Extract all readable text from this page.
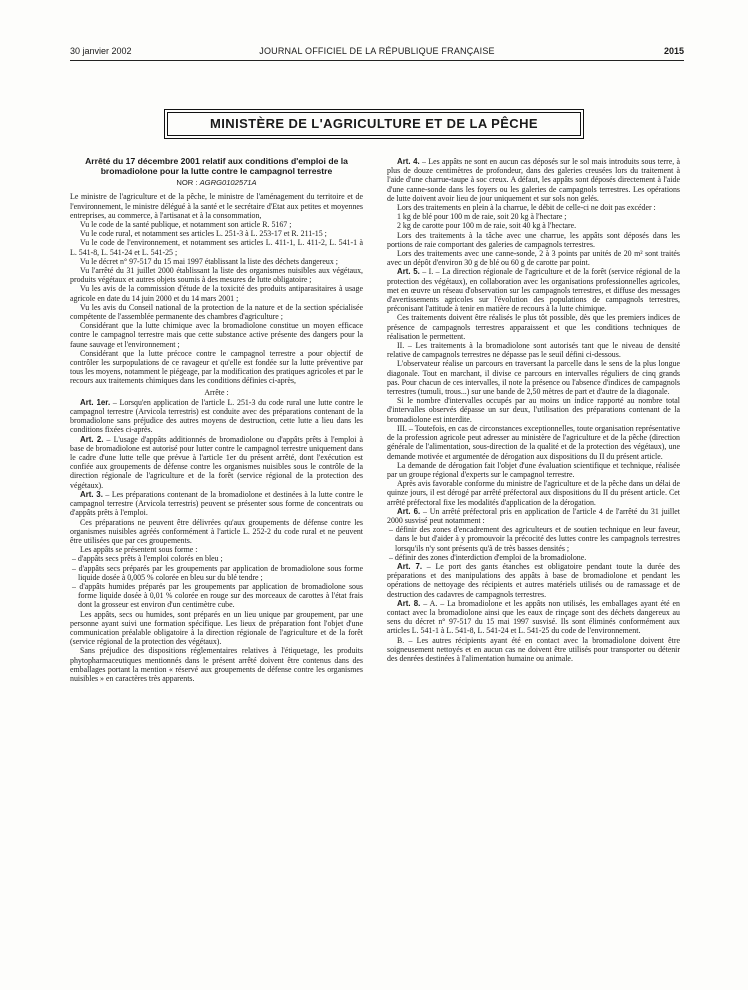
30 janvier 2002	JOURNAL OFFICIEL DE LA RÉPUBLIQUE FRANÇAISE	2015
MINISTÈRE DE L'AGRICULTURE ET DE LA PÊCHE
Arrêté du 17 décembre 2001 relatif aux conditions d'emploi de la bromadiolone pour la lutte contre le campagnol terrestre
NOR : AGRG0102571A

Le ministre de l'agriculture et de la pêche, le ministre de l'aménagement du territoire et de l'environnement, le ministre délégué à la santé et le secrétaire d'Etat aux petites et moyennes entreprises, au commerce, à l'artisanat et à la consommation,

Vu le code de la santé publique, et notamment son article R. 5167 ;

Vu le code rural, et notamment ses articles L. 251-3 à L. 253-17 et R. 211-15 ;

Vu le code de l'environnement, et notamment ses articles L. 411-1, L. 411-2, L. 541-1 à L. 541-8, L. 541-24 et L. 541-25 ;

Vu le décret n° 97-517 du 15 mai 1997 établissant la liste des déchets dangereux ;

Vu l'arrêté du 31 juillet 2000 établissant la liste des organismes nuisibles aux végétaux, produits végétaux et autres objets soumis à des mesures de lutte obligatoire ;

Vu les avis de la commission d'étude de la toxicité des produits antiparasitaires à usage agricole en date du 14 juin 2000 et du 14 mars 2001 ;

Vu les avis du Conseil national de la protection de la nature et de la section spécialisée compétente de l'assemblée permanente des chambres d'agriculture ;

Considérant que la lutte chimique avec la bromadiolone constitue un moyen efficace contre le campagnol terrestre mais que cette substance active présente des dangers pour la faune sauvage et l'environnement ;

Considérant que la lutte précoce contre le campagnol terrestre a pour objectif de contrôler les surpopulations de ce ravageur et qu'elle est fondée sur la lutte préventive par tous les moyens, notamment le piégeage, par la modification des pratiques agricoles et par le recours aux traitements chimiques dans les conditions définies ci-après,

Arrête :

Art. 1er. – Lorsqu'en application de l'article L. 251-3 du code rural une lutte contre le campagnol terrestre (Arvicola terrestris) est conduite avec des préparations contenant de la bromadiolone sans préjudice des autres moyens de destruction, cette lutte a lieu dans les conditions fixées ci-après.

Art. 2. – L'usage d'appâts additionnés de bromadiolone ou d'appâts prêts à l'emploi à base de bromadiolone est autorisé pour lutter contre le campagnol terrestre uniquement dans le cadre d'une lutte telle que prévue à l'article 1er du présent arrêté, dont l'exécution est confiée aux groupements de défense contre les organismes nuisibles sous le contrôle de la direction régionale de l'agriculture et de la forêt (service régional de la protection des végétaux).

Art. 3. – Les préparations contenant de la bromadiolone et destinées à la lutte contre le campagnol terrestre (Arvicola terrestris) peuvent se présenter sous forme de concentrats ou d'appâts prêts à l'emploi.

Ces préparations ne peuvent être délivrées qu'aux groupements de défense contre les organismes nuisibles agréés conformément à l'article L. 252-2 du code rural et ne peuvent être utilisées que par ces groupements.

Les appâts se présentent sous forme :

– d'appâts secs prêts à l'emploi colorés en bleu ;
– d'appâts secs préparés par les groupements par application de bromadiolone sous forme liquide dosée à 0,005 % colorée en bleu sur du blé tendre ;
– d'appâts humides préparés par les groupements par application de bromadiolone sous forme liquide dosée à 0,01 % colorée en rouge sur des morceaux de carottes à l'état frais dont la grosseur est environ d'un centimètre cube.

Les appâts, secs ou humides, sont préparés en un lieu unique par groupement, par une personne ayant suivi une formation spécifique. Les lieux de préparation font l'objet d'une communication préalable obligatoire à la direction régionale de l'agriculture et de la forêt (service régional de la protection des végétaux).

Sans préjudice des dispositions réglementaires relatives à l'étiquetage, les produits phytopharmaceutiques mentionnés dans le présent arrêté doivent être contenus dans des emballages portant la mention « réservé aux groupements de défense contre les organismes nuisibles » en caractères très apparents.

Art. 4. – Les appâts ne sont en aucun cas déposés sur le sol mais introduits sous terre, à plus de douze centimètres de profondeur, dans des galeries creusées lors du traitement à l'aide d'une charrue-taupe à soc creux. A défaut, les appâts sont déposés directement à l'aide d'une canne-sonde dans les foyers ou les galeries de campagnols terrestres. Les opérations de lutte doivent avoir lieu de jour uniquement et sur sols non gelés.

Lors des traitements en plein à la charrue, le débit de celle-ci ne doit pas excéder :

1 kg de blé pour 100 m de raie, soit 20 kg à l'hectare ;

2 kg de carotte pour 100 m de raie, soit 40 kg à l'hectare.

Lors des traitements à la tâche avec une charrue, les appâts sont déposés dans les portions de raie comportant des galeries de campagnols terrestres.

Lors des traitements avec une canne-sonde, 2 à 3 points par unités de 20 m² sont traités avec un dépôt d'environ 30 g de blé ou 60 g de carotte par point.

Art. 5. – I. – La direction régionale de l'agriculture et de la forêt (service régional de la protection des végétaux), en collaboration avec les organisations professionnelles agricoles, met en œuvre un réseau d'observation sur les campagnols terrestres, et diffuse des messages d'avertissements agricoles sur l'évolution des populations de campagnols terrestres, préconisant l'attitude à tenir en matière de recours à la lutte chimique.

Ces traitements doivent être réalisés le plus tôt possible, dès que les premiers indices de présence de campagnols terrestres apparaissent et que les conditions techniques de réalisation le permettent.

II. – Les traitements à la bromadiolone sont autorisés tant que le niveau de densité relative de campagnols terrestres ne dépasse pas le seuil défini ci-dessous.

L'observateur réalise un parcours en traversant la parcelle dans le sens de la plus longue diagonale. Tout en marchant, il divise ce parcours en intervalles réguliers de cinq grands pas. Pour chacun de ces intervalles, il note la présence ou l'absence d'indices de campagnols terrestres (tumuli, trous...) sur une bande de 2,50 mètres de part et d'autre de la diagonale.

Si le nombre d'intervalles occupés par au moins un indice rapporté au nombre total d'intervalles observés dépasse un sur deux, l'utilisation des préparations contenant de la bromadiolone est interdite.

III. – Toutefois, en cas de circonstances exceptionnelles, toute organisation représentative de la profession agricole peut adresser au ministère de l'agriculture et de la pêche (direction générale de l'alimentation, sous-direction de la qualité et de la protection des végétaux), une demande motivée et argumentée de dérogation aux dispositions du II du présent article.

La demande de dérogation fait l'objet d'une évaluation scientifique et technique, réalisée par un groupe régional d'experts sur le campagnol terrestre.

Après avis favorable conforme du ministre de l'agriculture et de la pêche dans un délai de quinze jours, il est dérogé par arrêté préfectoral aux dispositions du II du présent article. Cet arrêté préfectoral fixe les modalités d'application de la dérogation.

Art. 6. – Un arrêté préfectoral pris en application de l'article 4 de l'arrêté du 31 juillet 2000 susvisé peut notamment :

– définir des zones d'encadrement des agriculteurs et de soutien technique en leur faveur, dans le but d'aider à y promouvoir la précocité des luttes contre les campagnols terrestres lorsqu'ils n'y sont présents qu'à de très basses densités ;
– définir des zones d'interdiction d'emploi de la bromadiolone.

Art. 7. – Le port des gants étanches est obligatoire pendant toute la durée des préparations et des manipulations des appâts à base de bromadiolone et pendant les opérations de nettoyage des récipients et autres matériels utilisés ou de ramassage et de destruction des cadavres de campagnols terrestres.

Art. 8. – A. – La bromadiolone et les appâts non utilisés, les emballages ayant été en contact avec la bromadiolone ainsi que les eaux de rinçage sont des déchets dangereux au sens du décret n° 97-517 du 15 mai 1997 susvisé. Ils sont éliminés conformément aux articles L. 541-1 à L. 541-8, L. 541-24 et L. 541-25 du code de l'environnement.

B. – Les autres récipients ayant été en contact avec la bromadiolone doivent être soigneusement nettoyés et en aucun cas ne doivent être utilisés pour transporter ou détenir des denrées destinées à l'alimentation humaine ou animale.
